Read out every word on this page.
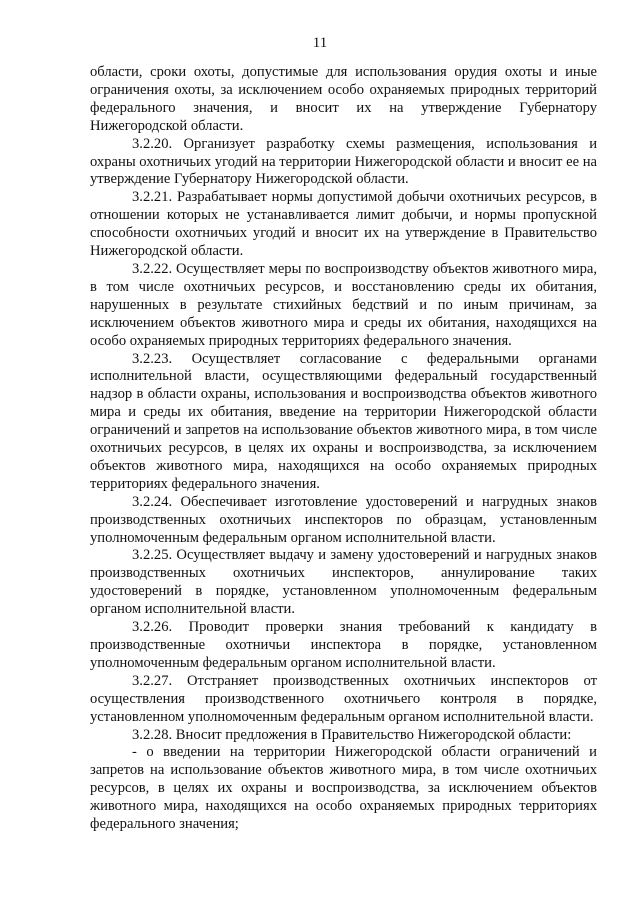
11

области, сроки охоты, допустимые для использования орудия охоты и иные ограничения охоты, за исключением особо охраняемых природных территорий федерального значения, и вносит их на утверждение Губернатору Нижегородской области.

3.2.20. Организует разработку схемы размещения, использования и охраны охотничьих угодий на территории Нижегородской области и вносит ее на утверждение Губернатору Нижегородской области.

3.2.21. Разрабатывает нормы допустимой добычи охотничьих ресурсов, в отношении которых не устанавливается лимит добычи, и нормы пропускной способности охотничьих угодий и вносит их на утверждение в Правительство Нижегородской области.

3.2.22. Осуществляет меры по воспроизводству объектов животного мира, в том числе охотничьих ресурсов, и восстановлению среды их обитания, нарушенных в результате стихийных бедствий и по иным причинам, за исключением объектов животного мира и среды их обитания, находящихся на особо охраняемых природных территориях федерального значения.

3.2.23. Осуществляет согласование с федеральными органами исполнительной власти, осуществляющими федеральный государственный надзор в области охраны, использования и воспроизводства объектов животного мира и среды их обитания, введение на территории Нижегородской области ограничений и запретов на использование объектов животного мира, в том числе охотничьих ресурсов, в целях их охраны и воспроизводства, за исключением объектов животного мира, находящихся на особо охраняемых природных территориях федерального значения.

3.2.24. Обеспечивает изготовление удостоверений и нагрудных знаков производственных охотничьих инспекторов по образцам, установленным уполномоченным федеральным органом исполнительной власти.

3.2.25. Осуществляет выдачу и замену удостоверений и нагрудных знаков производственных охотничьих инспекторов, аннулирование таких удостоверений в порядке, установленном уполномоченным федеральным органом исполнительной власти.

3.2.26. Проводит проверки знания требований к кандидату в производственные охотничьи инспектора в порядке, установленном уполномоченным федеральным органом исполнительной власти.

3.2.27. Отстраняет производственных охотничьих инспекторов от осуществления производственного охотничьего контроля в порядке, установленном уполномоченным федеральным органом исполнительной власти.

3.2.28. Вносит предложения в Правительство Нижегородской области:

- о введении на территории Нижегородской области ограничений и запретов на использование объектов животного мира, в том числе охотничьих ресурсов, в целях их охраны и воспроизводства, за исключением объектов животного мира, находящихся на особо охраняемых природных территориях федерального значения;
